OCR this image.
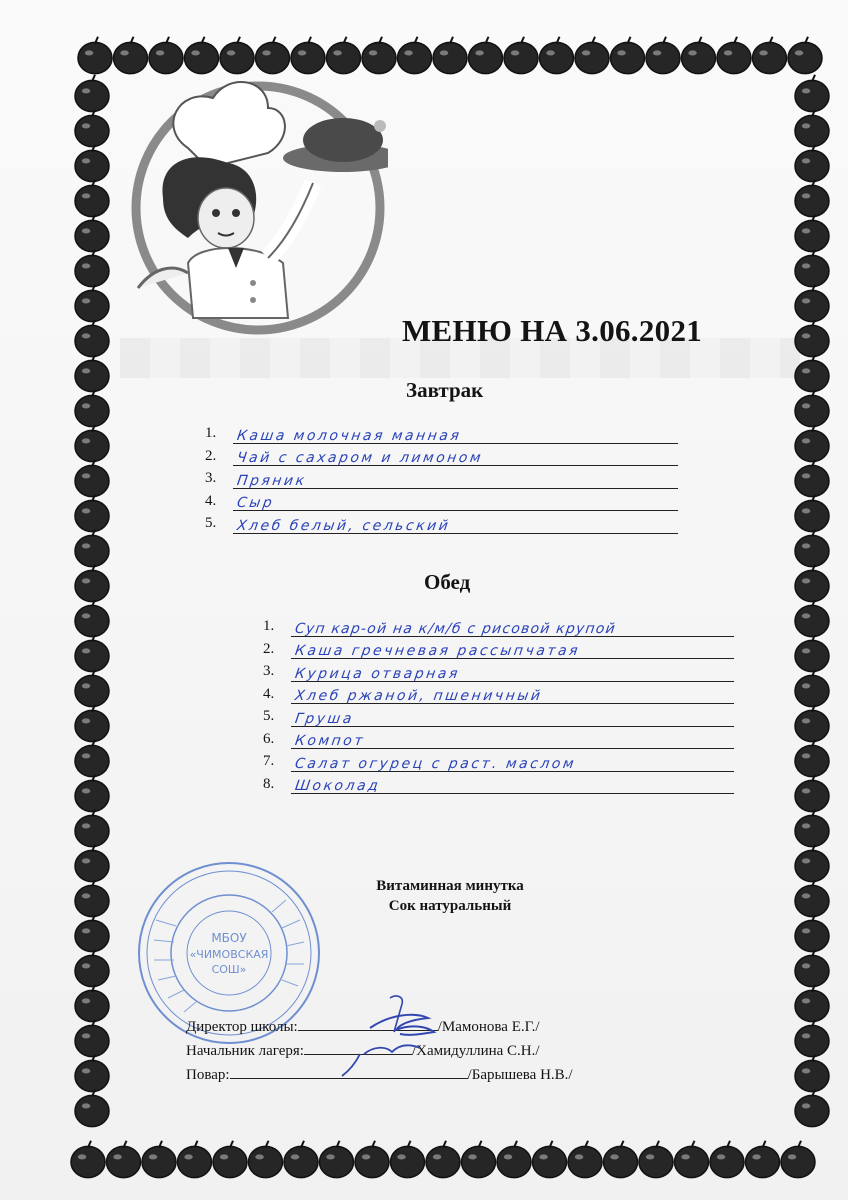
МЕНЮ НА 3.06.2021
Завтрак
1. Каша молочная манная
2. Чай с сахаром и лимоном
3. Пряник
4. Сыр
5. Хлеб белый, сельский
Обед
1. Суп кар-ой на к/м/б с рисовой крупой
2. Каша гречневая рассыпчатая
3. Курица отварная
4. Хлеб ржаной, пшеничный
5. Груша
6. Компот
7. Салат огурец с раст. маслом
8. Шоколад
Витаминная минутка
Сок натуральный
МБОУ
«ЧИМОВСКАЯ
СОШ»
Директор школы:	/Мамонова Е.Г./
Начальник лагеря:	/Хамидуллина С.Н./
Повар:	/Барышева Н.В./
